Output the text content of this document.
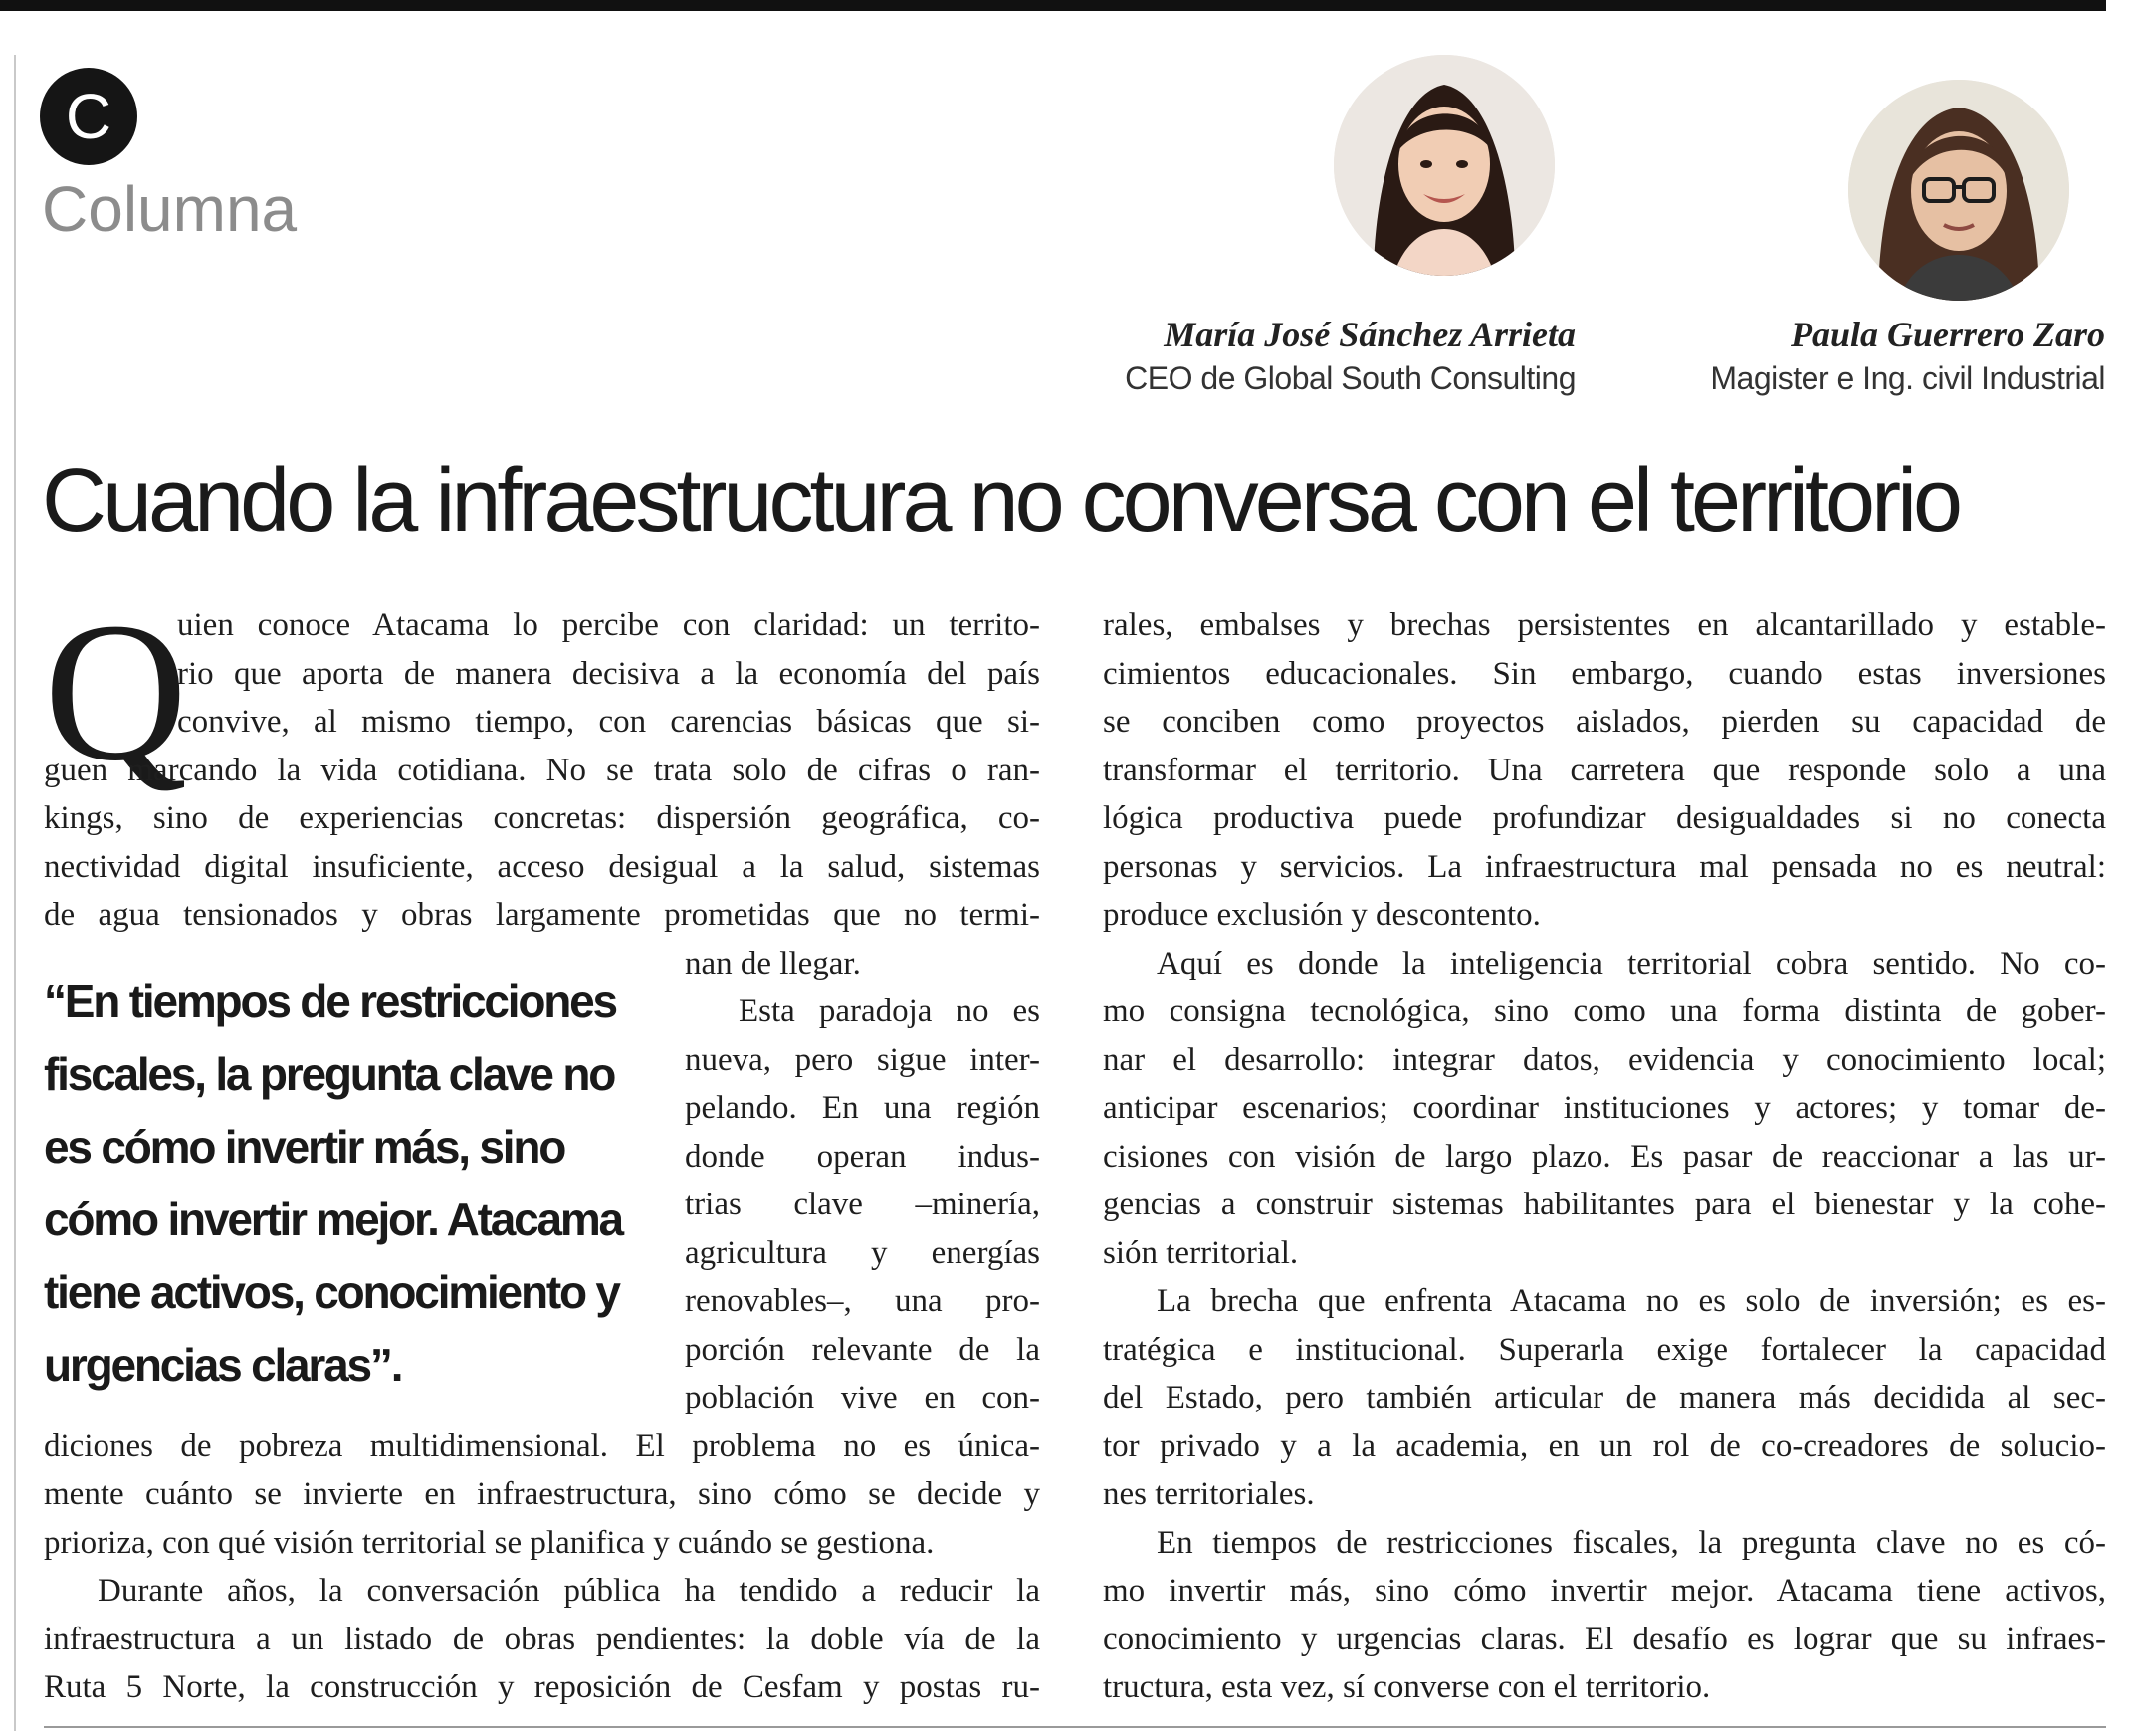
C
Columna
María José Sánchez Arrieta
CEO de Global South Consulting
Paula Guerrero Zaro
Magister e Ing. civil Industrial
Cuando la infraestructura no conversa con el territorio
Q
“En tiempos de restricciones fiscales, la pregunta clave no es cómo invertir más, sino cómo invertir mejor. Atacama tiene activos, conocimiento y urgencias claras”.
uien conoce Atacama lo percibe con claridad: un territo-
rio que aporta de manera decisiva a la economía del país
convive, al mismo tiempo, con carencias básicas que si-
guen marcando la vida cotidiana. No se trata solo de cifras o ran-
kings, sino de experiencias concretas: dispersión geográfica, co-
nectividad digital insuficiente, acceso desigual a la salud, sistemas
de agua tensionados y obras largamente prometidas que no termi-
nan de llegar.
Esta paradoja no es
nueva, pero sigue inter-
pelando. En una región
donde operan indus-
trias clave –minería,
agricultura y energías
renovables–, una pro-
porción relevante de la
población vive en con-
diciones de pobreza multidimensional. El problema no es única-
mente cuánto se invierte en infraestructura, sino cómo se decide y
prioriza, con qué visión territorial se planifica y cuándo se gestiona.
Durante años, la conversación pública ha tendido a reducir la
infraestructura a un listado de obras pendientes: la doble vía de la
Ruta 5 Norte, la construcción y reposición de Cesfam y postas ru-
rales, embalses y brechas persistentes en alcantarillado y estable-
cimientos educacionales. Sin embargo, cuando estas inversiones
se conciben como proyectos aislados, pierden su capacidad de
transformar el territorio. Una carretera que responde solo a una
lógica productiva puede profundizar desigualdades si no conecta
personas y servicios. La infraestructura mal pensada no es neutral:
produce exclusión y descontento.
Aquí es donde la inteligencia territorial cobra sentido. No co-
mo consigna tecnológica, sino como una forma distinta de gober-
nar el desarrollo: integrar datos, evidencia y conocimiento local;
anticipar escenarios; coordinar instituciones y actores; y tomar de-
cisiones con visión de largo plazo. Es pasar de reaccionar a las ur-
gencias a construir sistemas habilitantes para el bienestar y la cohe-
sión territorial.
La brecha que enfrenta Atacama no es solo de inversión; es es-
tratégica e institucional. Superarla exige fortalecer la capacidad
del Estado, pero también articular de manera más decidida al sec-
tor privado y a la academia, en un rol de co-creadores de solucio-
nes territoriales.
En tiempos de restricciones fiscales, la pregunta clave no es có-
mo invertir más, sino cómo invertir mejor. Atacama tiene activos,
conocimiento y urgencias claras. El desafío es lograr que su infraes-
tructura, esta vez, sí converse con el territorio.
